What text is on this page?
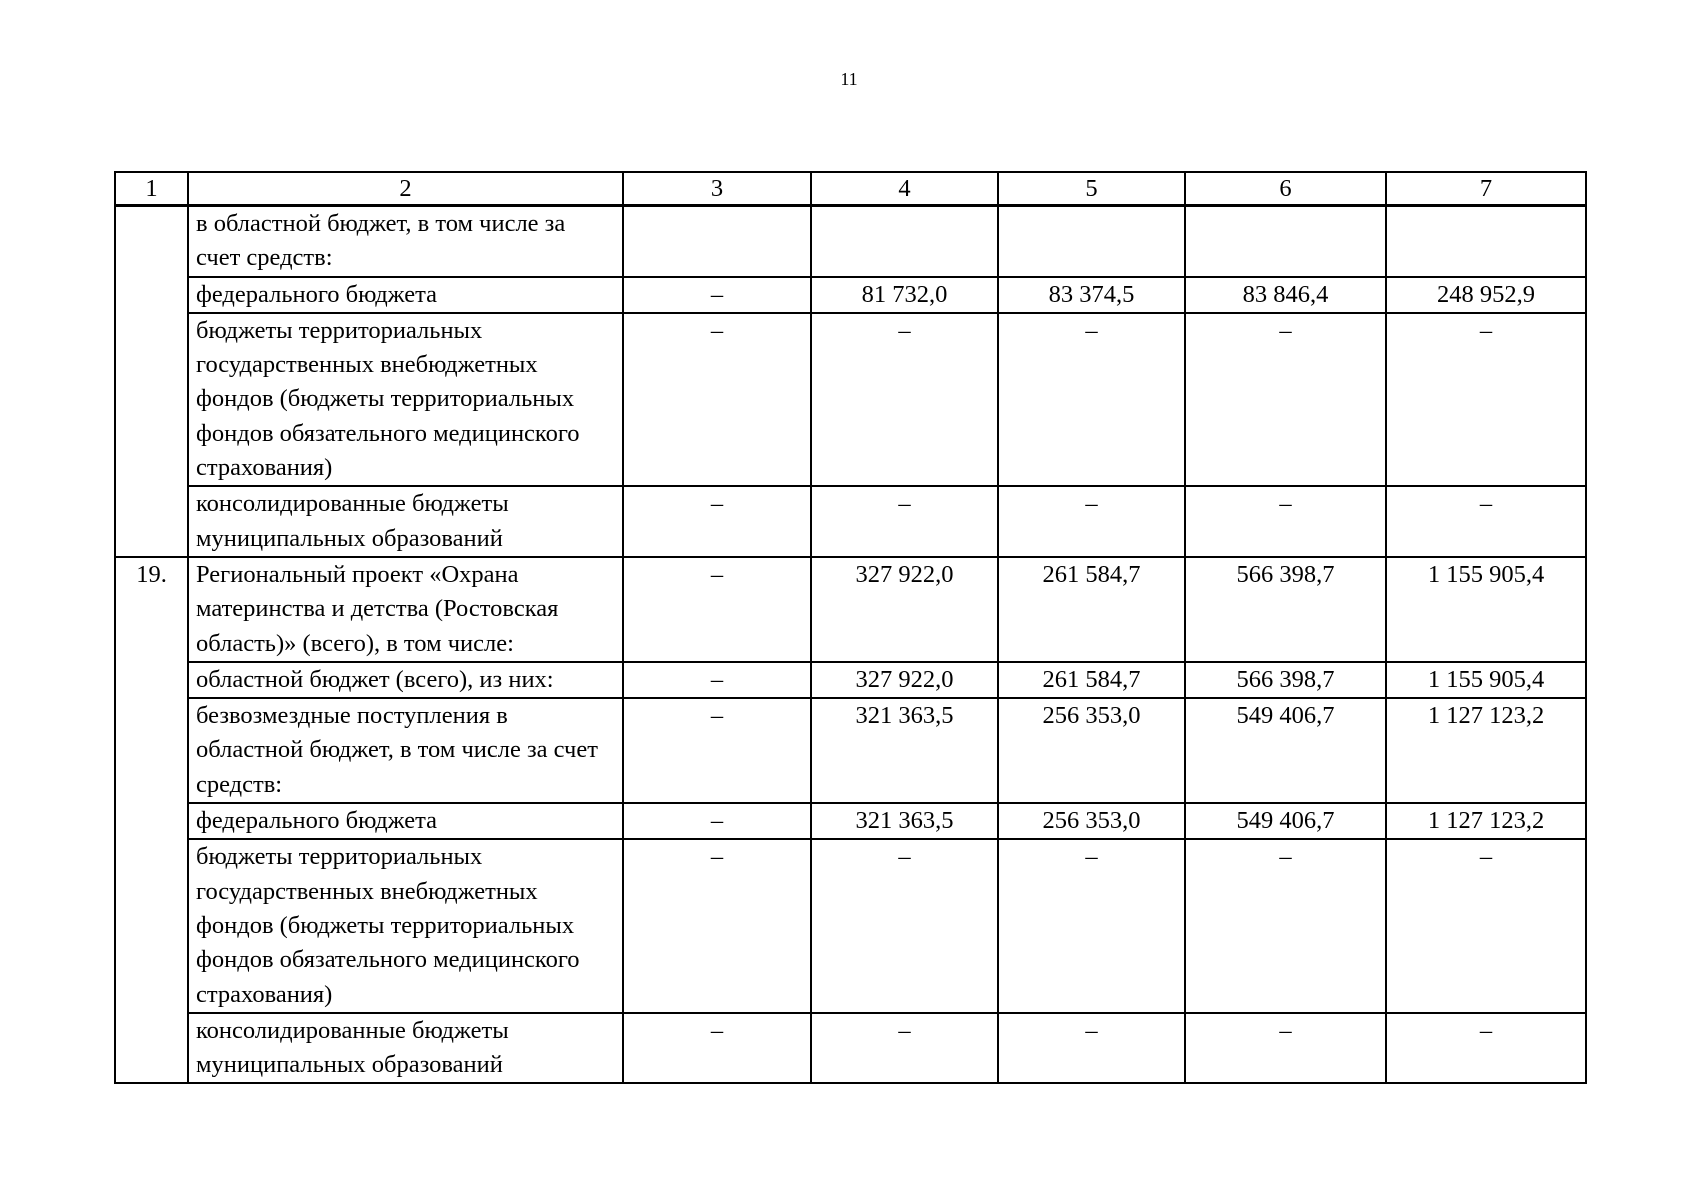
11
1	2	3	4	5	6	7
	в областной бюджет, в том числе за счет средств:					
	федерального бюджета	–	81 732,0	83 374,5	83 846,4	248 952,9
	бюджеты территориальных государственных внебюджетных фондов (бюджеты территориальных фондов обязательного медицинского страхования)	–	–	–	–	–
	консолидированные бюджеты муниципальных образований	–	–	–	–	–
19.	Региональный проект «Охрана материнства и детства (Ростовская область)» (всего), в том числе:	–	327 922,0	261 584,7	566 398,7	1 155 905,4
	областной бюджет (всего), из них:	–	327 922,0	261 584,7	566 398,7	1 155 905,4
	безвозмездные поступления в областной бюджет, в том числе за счет средств:	–	321 363,5	256 353,0	549 406,7	1 127 123,2
	федерального бюджета	–	321 363,5	256 353,0	549 406,7	1 127 123,2
	бюджеты территориальных государственных внебюджетных фондов (бюджеты территориальных фондов обязательного медицинского страхования)	–	–	–	–	–
	консолидированные бюджеты муниципальных образований	–	–	–	–	–
